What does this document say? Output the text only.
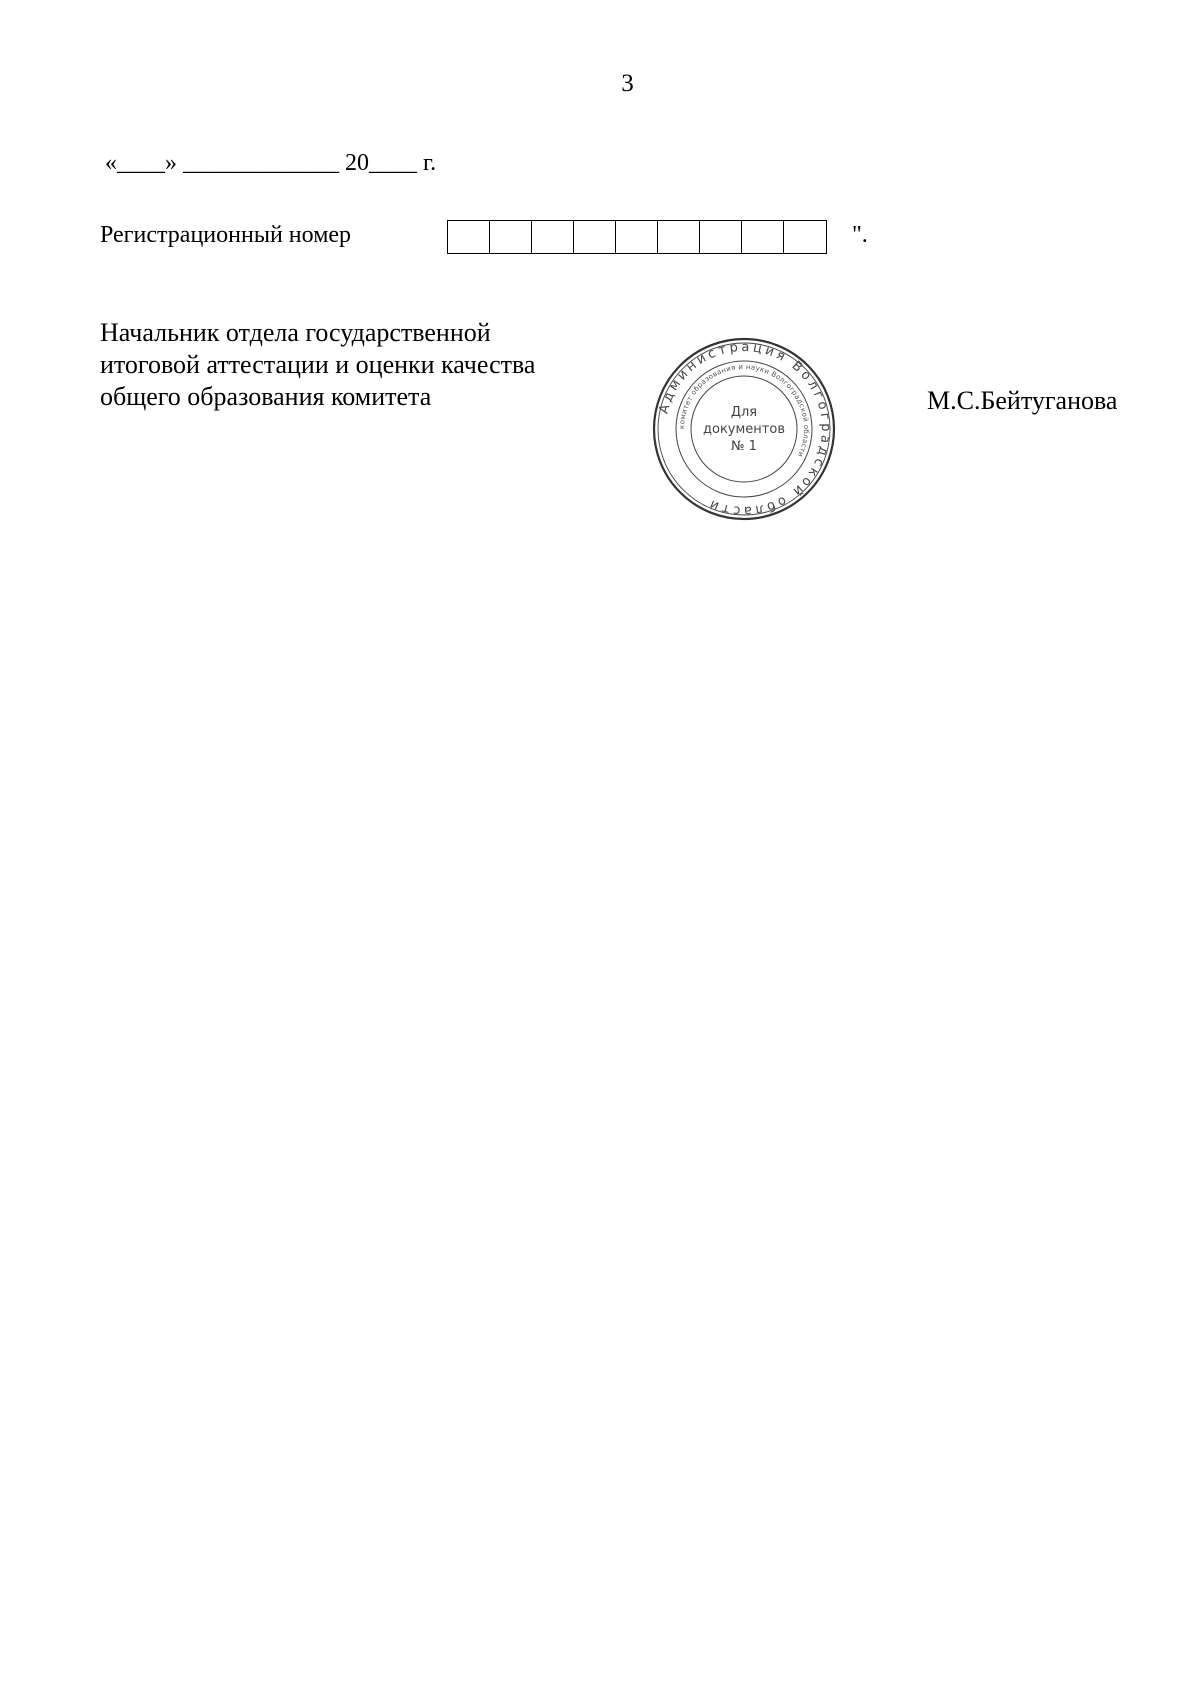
3
«____» _____________ 20____ г.
Регистрационный номер	".
Начальник отдела государственной
итоговой аттестации и оценки качества
общего образования комитета	Администрация Волгоградской области
комитет образования и науки Волгоградской области
Для
документов
№ 1
М.С.Бейтуганова
